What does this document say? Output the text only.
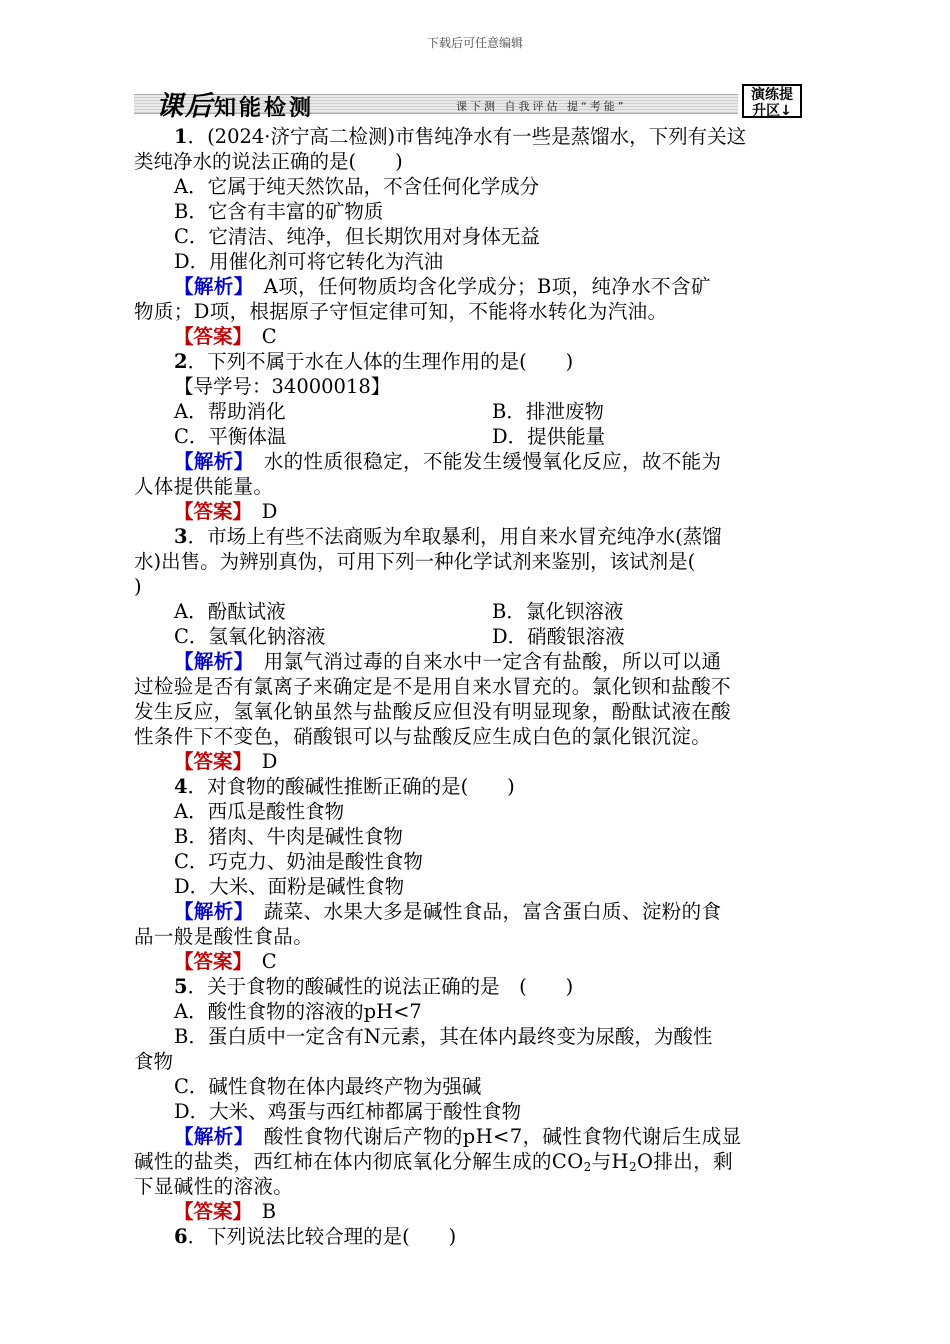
下载后可任意编辑
课后知能检测	课下测 自我评估 提“考能”
演练提
升区↓
1．(2024·济宁高二检测)市售纯净水有一些是蒸馏水，下列有关这
类纯净水的说法正确的是(　　)
A．它属于纯天然饮品，不含任何化学成分
B．它含有丰富的矿物质
C．它清洁、纯净，但长期饮用对身体无益
D．用催化剂可将它转化为汽油
【解析】　A项，任何物质均含化学成分；B项，纯净水不含矿
物质；D项，根据原子守恒定律可知，不能将水转化为汽油。
【答案】　C
2．下列不属于水在人体的生理作用的是(　　)
【导学号：34000018】
A．帮助消化	B．排泄废物
C．平衡体温	D．提供能量
【解析】　水的性质很稳定，不能发生缓慢氧化反应，故不能为
人体提供能量。
【答案】　D
3．市场上有些不法商贩为牟取暴利，用自来水冒充纯净水(蒸馏
水)出售。为辨别真伪，可用下列一种化学试剂来鉴别，该试剂是(
)
A．酚酞试液	B．氯化钡溶液
C．氢氧化钠溶液	D．硝酸银溶液
【解析】　用氯气消过毒的自来水中一定含有盐酸，所以可以通
过检验是否有氯离子来确定是不是用自来水冒充的。氯化钡和盐酸不
发生反应，氢氧化钠虽然与盐酸反应但没有明显现象，酚酞试液在酸
性条件下不变色，硝酸银可以与盐酸反应生成白色的氯化银沉淀。
【答案】　D
4．对食物的酸碱性推断正确的是(　　)
A．西瓜是酸性食物
B．猪肉、牛肉是碱性食物
C．巧克力、奶油是酸性食物
D．大米、面粉是碱性食物
【解析】　蔬菜、水果大多是碱性食品，富含蛋白质、淀粉的食
品一般是酸性食品。
【答案】　C
5．关于食物的酸碱性的说法正确的是　(　　)
A．酸性食物的溶液的pH<7
B．蛋白质中一定含有N元素，其在体内最终变为尿酸，为酸性
食物
C．碱性食物在体内最终产物为强碱
D．大米、鸡蛋与西红柿都属于酸性食物
【解析】　酸性食物代谢后产物的pH<7，碱性食物代谢后生成显
碱性的盐类，西红柿在体内彻底氧化分解生成的$CO_2$与$H_2O$排出，剩
下显碱性的溶液。
【答案】　B
6．下列说法比较合理的是(　　)
